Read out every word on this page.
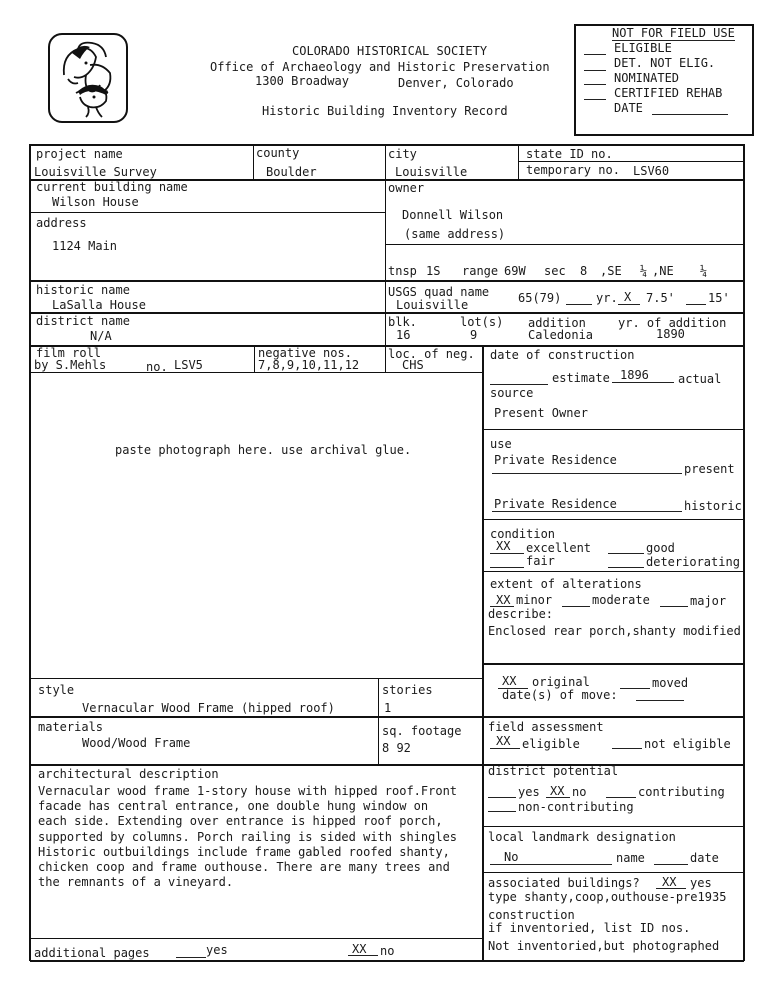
COLORADO HISTORICAL SOCIETY
Office of Archaeology and Historic Preservation
1300 Broadway	Denver, Colorado
Historic Building Inventory Record
NOT FOR FIELD USE
ELIGIBLE
DET. NOT ELIG.
NOMINATED
CERTIFIED REHAB
DATE
project name
Louisville Survey
county
Boulder
city
Louisville
state ID no.
temporary no. LSV60
current building name
Wilson House
owner
Donnell Wilson
(same address)
address
1124 Main
tnsp 1S range 69W sec 8 ,SE ¼ ,NE ¼
historic name
LaSalla House
USGS quad name
Louisville	65(79)	yr. X 7.5'	15'
district name
N/A
blk.
16
lot(s)
9
addition
Caledonia
yr. of addition
1890
film roll
by S.Mehls	no. LSV5
negative nos.
7,8,9,10,11,12
loc. of neg.
CHS
paste photograph here. use archival glue.
date of construction
estimate 1896 actual
source
Present Owner
use
Private Residence
present
Private Residence	historic
condition
XX excellent	good
fair	deteriorating
extent of alterations
XX minor	moderate	major
describe:
Enclosed rear porch,shanty modified
XX original	moved
date(s) of move:
style
Vernacular Wood Frame (hipped roof)
stories
1
materials
Wood/Wood Frame
sq. footage
8 92
field assessment
XX eligible	not eligible
architectural description
Vernacular wood frame 1-story house with hipped roof.Front
facade has central entrance, one double hung window on
each side. Extending over entrance is hipped roof porch,
supported by columns. Porch railing is sided with shingles
Historic outbuildings include frame gabled roofed shanty,
chicken coop and frame outhouse. There are many trees and
the remnants of a vineyard.
district potential
yes XX no	contributing
non-contributing
local landmark designation
No	name	date
associated buildings? XX yes
type shanty,coop,outhouse-pre1935
construction
if inventoried, list ID nos.
Not inventoried,but photographed
additional pages	yes	XX no
